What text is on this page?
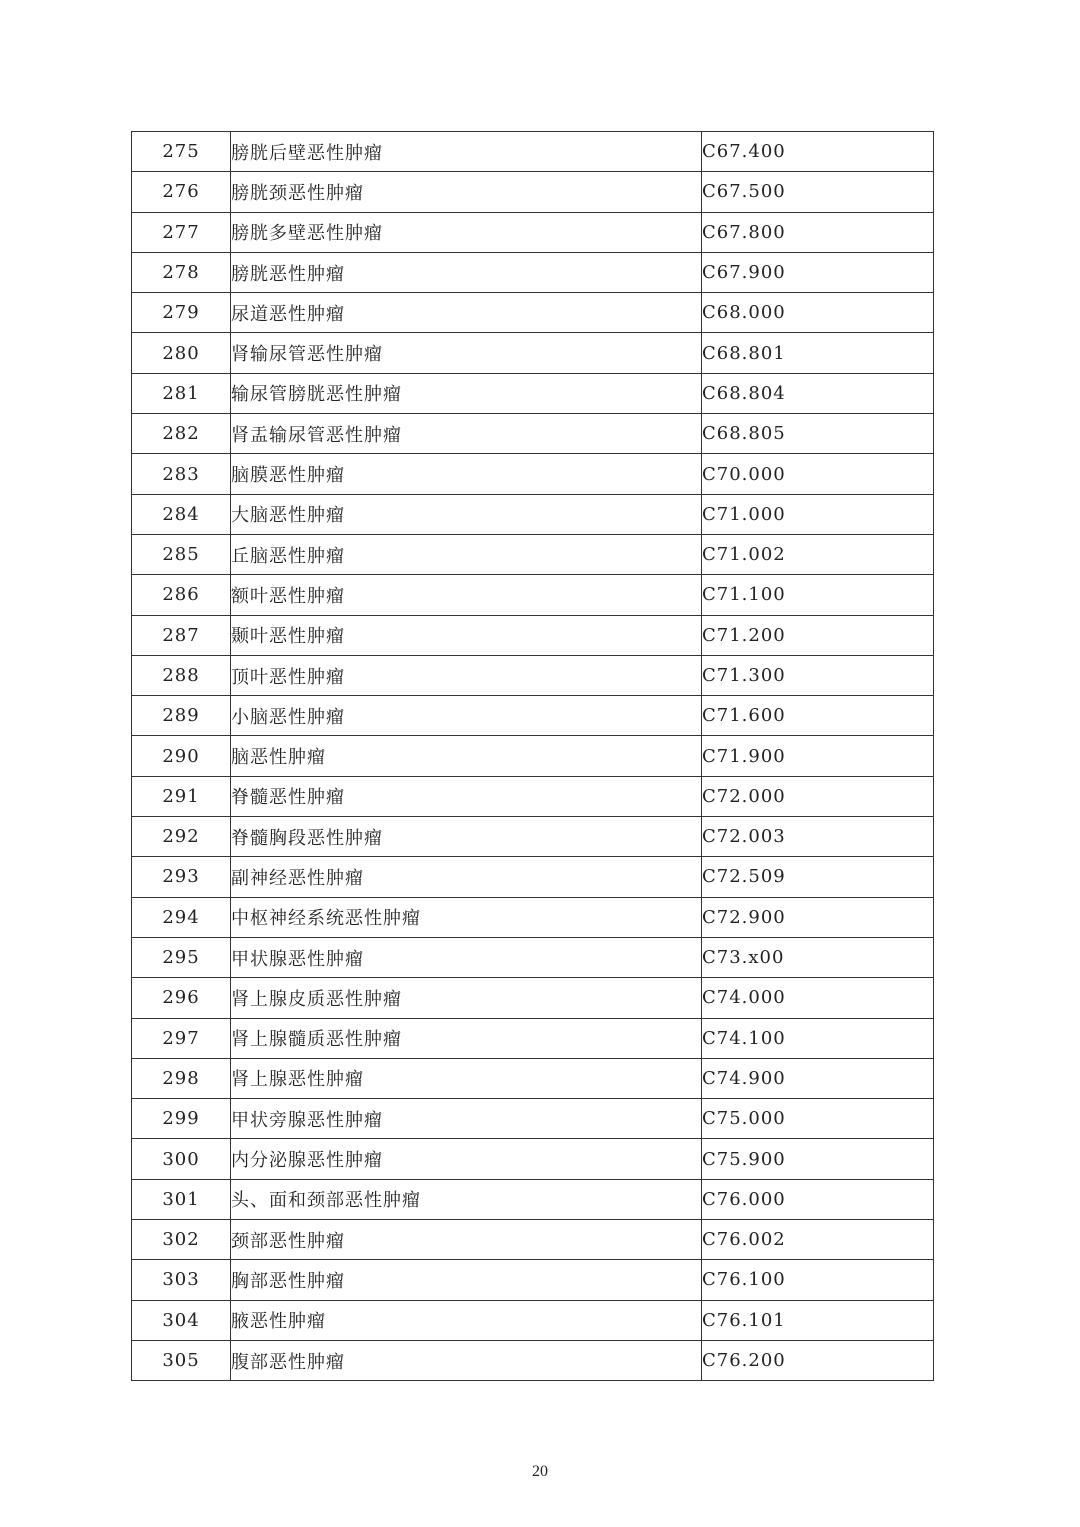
275	膀胱后壁恶性肿瘤	C67.400
276	膀胱颈恶性肿瘤	C67.500
277	膀胱多壁恶性肿瘤	C67.800
278	膀胱恶性肿瘤	C67.900
279	尿道恶性肿瘤	C68.000
280	肾输尿管恶性肿瘤	C68.801
281	输尿管膀胱恶性肿瘤	C68.804
282	肾盂输尿管恶性肿瘤	C68.805
283	脑膜恶性肿瘤	C70.000
284	大脑恶性肿瘤	C71.000
285	丘脑恶性肿瘤	C71.002
286	额叶恶性肿瘤	C71.100
287	颞叶恶性肿瘤	C71.200
288	顶叶恶性肿瘤	C71.300
289	小脑恶性肿瘤	C71.600
290	脑恶性肿瘤	C71.900
291	脊髓恶性肿瘤	C72.000
292	脊髓胸段恶性肿瘤	C72.003
293	副神经恶性肿瘤	C72.509
294	中枢神经系统恶性肿瘤	C72.900
295	甲状腺恶性肿瘤	C73.x00
296	肾上腺皮质恶性肿瘤	C74.000
297	肾上腺髓质恶性肿瘤	C74.100
298	肾上腺恶性肿瘤	C74.900
299	甲状旁腺恶性肿瘤	C75.000
300	内分泌腺恶性肿瘤	C75.900
301	头、面和颈部恶性肿瘤	C76.000
302	颈部恶性肿瘤	C76.002
303	胸部恶性肿瘤	C76.100
304	腋恶性肿瘤	C76.101
305	腹部恶性肿瘤	C76.200
20
